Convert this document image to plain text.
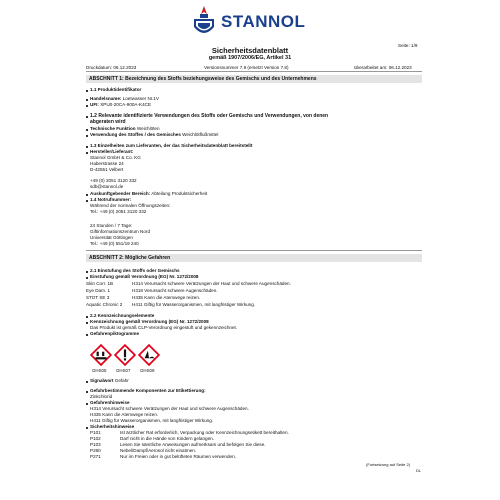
STANNOL
Seite: 1/9
Sicherheitsdatenblatt
gemäß 1907/2006/EG, Artikel 31
Druckdatum: 06.12.2023	Versionsnummer 7.9 (ersetzt Version 7.8)	überarbeitet am: 06.12.2023
ABSCHNITT 1: Bezeichnung des Stoffs beziehungsweise des Gemischs und des Unternehmens
1.1 Produktidentifikator
Handelsname: Loetwasser Nr.1V
UFI: XPU0-20CA-900A-K4CE
1.2 Relevante identifizierte Verwendungen des Stoffs oder Gemischs und Verwendungen, von denen
abgeraten wird
Technische Funktion Weichlöten
Verwendung des Stoffes / des Gemisches Weichlötflußmittel
1.3 Einzelheiten zum Lieferanten, der das Sicherheitsdatenblatt bereitstellt
Hersteller/Lieferant:
Stannol GmbH & Co. KG
Haberstrasse 24
D-42551 Velbert
+49 (0) 2051 3120 332
sdb@stannol.de
Auskunftgebender Bereich: Abteilung Produktsicherheit
1.4 Notrufnummer:
Während der normalen Öffnungszeiten:
Tel.: +49 (0) 2051 3120 332
24 Stunden / 7 Tage:
Giftinformationszentrum Nord
Universität Göttingen
Tel.: +49 (0) 551/19 240
ABSCHNITT 2: Mögliche Gefahren
2.1 Einstufung des Stoffs oder Gemischs
Einstufung gemäß Verordnung (EG) Nr. 1272/2008
Skin Corr. 1B	H314 Verursacht schwere Verätzungen der Haut und schwere Augenschäden.
Eye Dam. 1	H318 Verursacht schwere Augenschäden.
STOT SE 3	H335 Kann die Atemwege reizen.
Aquatic Chronic 2 H411 Giftig für Wasserorganismen, mit langfristiger Wirkung.
2.2 Kennzeichnungselemente
Kennzeichnung gemäß Verordnung (EG) Nr. 1272/2008
Das Produkt ist gemäß CLP-Verordnung eingestuft und gekennzeichnet.
Gefahrenpiktogramme
GHS05 GHS07 GHS09
Signalwort Gefahr
Gefahrbestimmende Komponenten zur Etikettierung:
Zinkchlorid
Gefahrenhinweise
H314 Verursacht schwere Verätzungen der Haut und schwere Augenschäden.
H335 Kann die Atemwege reizen.
H411 Giftig für Wasserorganismen, mit langfristiger Wirkung.
Sicherheitshinweise
P101	Ist ärztlicher Rat erforderlich, Verpackung oder Kennzeichnungsetikett bereithalten.
P102	Darf nicht in die Hände von Kindern gelangen.
P103	Lesen Sie sämtliche Anweisungen aufmerksam und befolgen Sie diese.
P260	Nebel/Dampf/Aerosol nicht einatmen.
P271	Nur im Freien oder in gut belüfteten Räumen verwenden.
(Fortsetzung auf Seite 2)
DL
